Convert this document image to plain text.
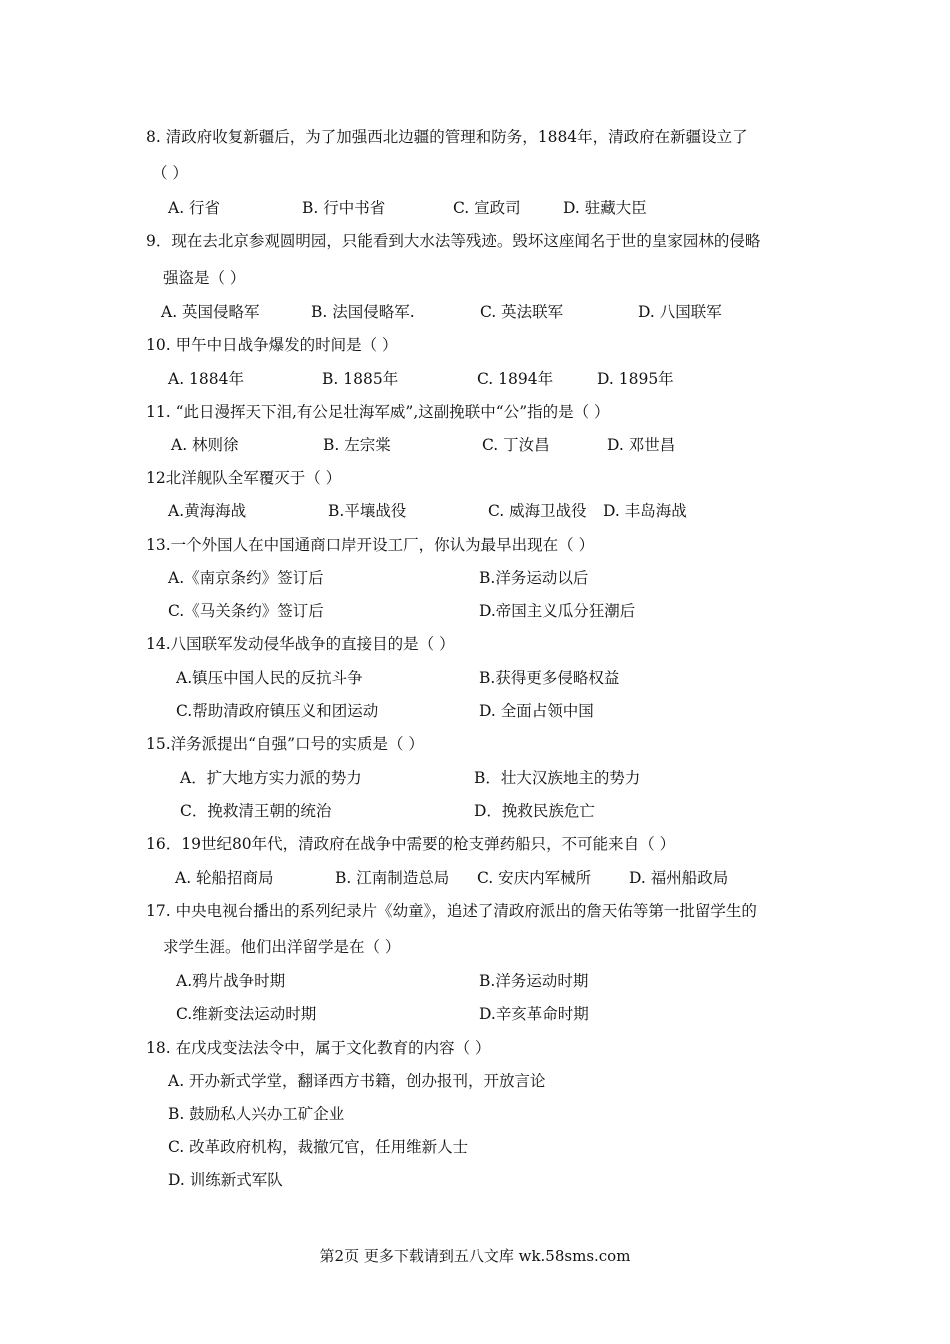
8. 清政府收复新疆后，为了加强西北边疆的管理和防务，1884年，清政府在新疆设立了
（ ）
A. 行省	B. 行中书省	C. 宣政司	D. 驻藏大臣
9．现在去北京参观圆明园，只能看到大水法等残迹。毁坏这座闻名于世的皇家园林的侵略
强盗是（ ）
A. 英国侵略军	B. 法国侵略军.	C. 英法联军	D. 八国联军
10. 甲午中日战争爆发的时间是（ ）
A. 1884年	B. 1885年	C. 1894年	D. 1895年
11. “此日漫挥天下泪,有公足壮海军威”,这副挽联中“公”指的是（ ）
A. 林则徐	B. 左宗棠	C. 丁汝昌	D. 邓世昌
12北洋舰队全军覆灭于（ ）
A.黄海海战	B.平壤战役	C. 威海卫战役 D. 丰岛海战
13.一个外国人在中国通商口岸开设工厂，你认为最早出现在（ ）
A.《南京条约》签订后	B.洋务运动以后
C.《马关条约》签订后	D.帝国主义瓜分狂潮后
14.八国联军发动侵华战争的直接目的是（ ）
A.镇压中国人民的反抗斗争	B.获得更多侵略权益
C.帮助清政府镇压义和团运动	D. 全面占领中国
15.洋务派提出“自强”口号的实质是（ ）
A．扩大地方实力派的势力	B．壮大汉族地主的势力
C．挽救清王朝的统治	D．挽救民族危亡
16．19世纪80年代，清政府在战争中需要的枪支弹药船只，不可能来自（ ）
A. 轮船招商局	B. 江南制造总局 C. 安庆内军械所 D. 福州船政局
17. 中央电视台播出的系列纪录片《幼童》，追述了清政府派出的詹天佑等第一批留学生的
求学生涯。他们出洋留学是在（ ）
A.鸦片战争时期	B.洋务运动时期
C.维新变法运动时期	D.辛亥革命时期
18. 在戊戌变法法令中，属于文化教育的内容（ ）
A. 开办新式学堂，翻译西方书籍，创办报刊，开放言论
B. 鼓励私人兴办工矿企业
C. 改革政府机构，裁撤冗官，任用维新人士
D. 训练新式军队
第2页 更多下载请到五八文库 wk.58sms.com
